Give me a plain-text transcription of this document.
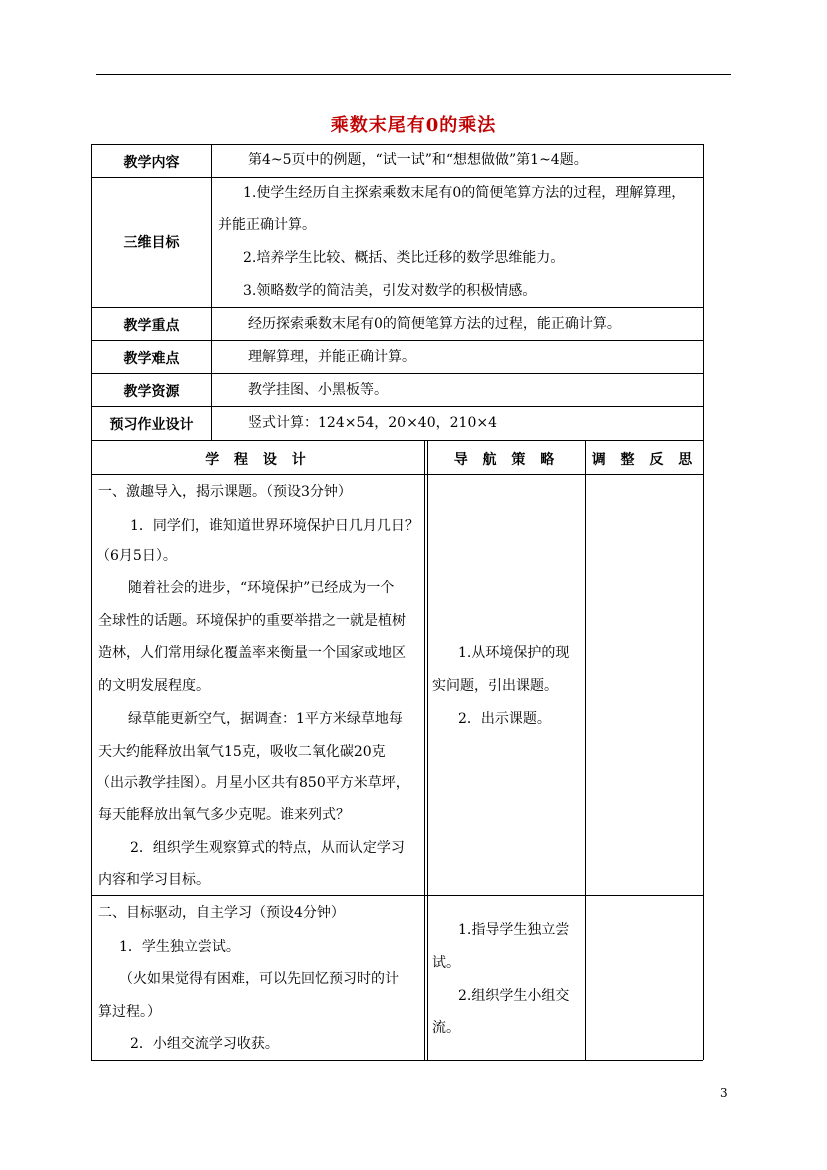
乘数末尾有0的乘法
教学内容
三维目标
教学重点
教学难点
教学资源
预习作业设计
第4~5页中的例题，“试一试”和“想想做做”第1~4题。
1.使学生经历自主探索乘数末尾有0的简便笔算方法的过程，理解算理，
并能正确计算。
2.培养学生比较、概括、类比迁移的数学思维能力。
3.领略数学的简洁美，引发对数学的积极情感。
经历探索乘数末尾有0的简便笔算方法的过程，能正确计算。
理解算理，并能正确计算。
教学挂图、小黑板等。
竖式计算：124×54，20×40，210×4
学 程 设 计	导 航 策 略	调 整 反 思
一、激趣导入，揭示课题。（预设3分钟）
1．同学们，谁知道世界环境保护日几月几日？
（6月5日）。
随着社会的进步，“环境保护”已经成为一个
全球性的话题。环境保护的重要举措之一就是植树
造林，人们常用绿化覆盖率来衡量一个国家或地区
的文明发展程度。
绿草能更新空气，据调查：1平方米绿草地每
天大约能释放出氧气15克，吸收二氧化碳20克
（出示教学挂图）。月星小区共有850平方米草坪，
每天能释放出氧气多少克呢。谁来列式？
2．组织学生观察算式的特点，从而认定学习
内容和学习目标。
1.从环境保护的现
实问题，引出课题。
2．出示课题。
二、目标驱动，自主学习（预设4分钟）
1．学生独立尝试。
（火如果觉得有困难，可以先回忆预习时的计
算过程。）
2．小组交流学习收获。
1.指导学生独立尝
试。
2.组织学生小组交
流。
3
